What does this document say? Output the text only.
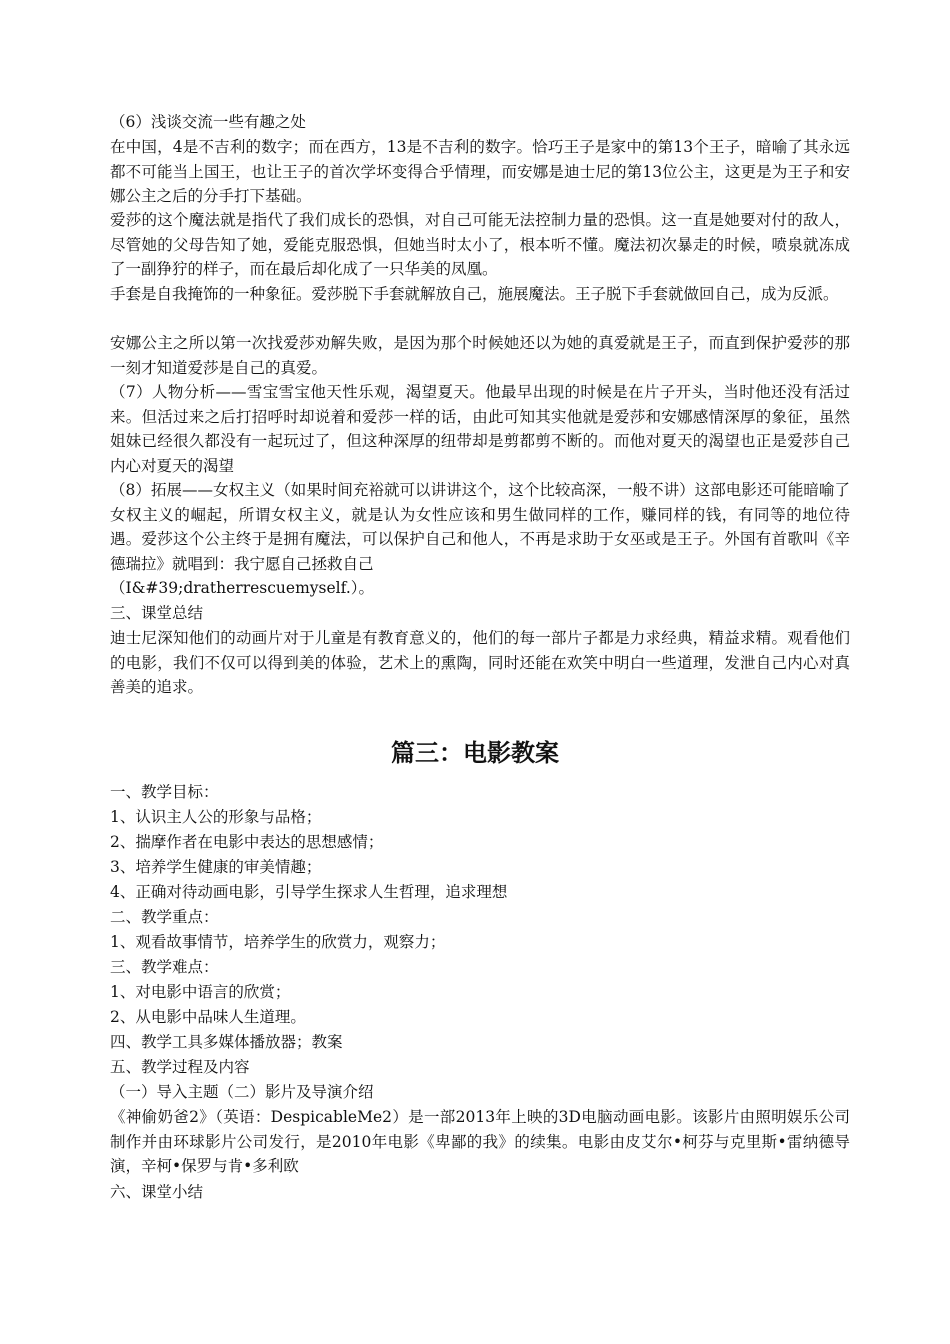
（6）浅谈交流一些有趣之处

在中国，4是不吉利的数字；而在西方，13是不吉利的数字。恰巧王子是家中的第13个王子，暗喻了其永远都不可能当上国王，也让王子的首次学坏变得合乎情理，而安娜是迪士尼的第13位公主，这更是为王子和安娜公主之后的分手打下基础。

爱莎的这个魔法就是指代了我们成长的恐惧，对自己可能无法控制力量的恐惧。这一直是她要对付的敌人，尽管她的父母告知了她，爱能克服恐惧，但她当时太小了，根本听不懂。魔法初次暴走的时候，喷泉就冻成了一副狰狞的样子，而在最后却化成了一只华美的凤凰。

手套是自我掩饰的一种象征。爱莎脱下手套就解放自己，施展魔法。王子脱下手套就做回自己，成为反派。

安娜公主之所以第一次找爱莎劝解失败，是因为那个时候她还以为她的真爱就是王子，而直到保护爱莎的那一刻才知道爱莎是自己的真爱。

（7）人物分析——雪宝雪宝他天性乐观，渴望夏天。他最早出现的时候是在片子开头，当时他还没有活过来。但活过来之后打招呼时却说着和爱莎一样的话，由此可知其实他就是爱莎和安娜感情深厚的象征，虽然姐妹已经很久都没有一起玩过了，但这种深厚的纽带却是剪都剪不断的。而他对夏天的渴望也正是爱莎自己内心对夏天的渴望

（8）拓展——女权主义（如果时间充裕就可以讲讲这个，这个比较高深，一般不讲）这部电影还可能暗喻了女权主义的崛起，所谓女权主义，就是认为女性应该和男生做同样的工作，赚同样的钱，有同等的地位待遇。爱莎这个公主终于是拥有魔法，可以保护自己和他人，不再是求助于女巫或是王子。外国有首歌叫《辛德瑞拉》就唱到：我宁愿自己拯救自己

（I&#39;dratherrescuemyself.）。

三、课堂总结

迪士尼深知他们的动画片对于儿童是有教育意义的，他们的每一部片子都是力求经典，精益求精。观看他们的电影，我们不仅可以得到美的体验，艺术上的熏陶，同时还能在欢笑中明白一些道理，发泄自己内心对真善美的追求。

篇三：电影教案

一、教学目标：

1、认识主人公的形象与品格；

2、揣摩作者在电影中表达的思想感情；

3、培养学生健康的审美情趣；

4、正确对待动画电影，引导学生探求人生哲理，追求理想

二、教学重点：

1、观看故事情节，培养学生的欣赏力，观察力；

三、教学难点：

1、对电影中语言的欣赏；

2、从电影中品味人生道理。

四、教学工具多媒体播放器；教案

五、教学过程及内容

（一）导入主题（二）影片及导演介绍

《神偷奶爸2》（英语：DespicableMe2）是一部2013年上映的3D电脑动画电影。该影片由照明娱乐公司制作并由环球影片公司发行，是2010年电影《卑鄙的我》的续集。电影由皮艾尔•柯芬与克里斯•雷纳德导演，辛柯•保罗与肯•多利欧

六、课堂小结
